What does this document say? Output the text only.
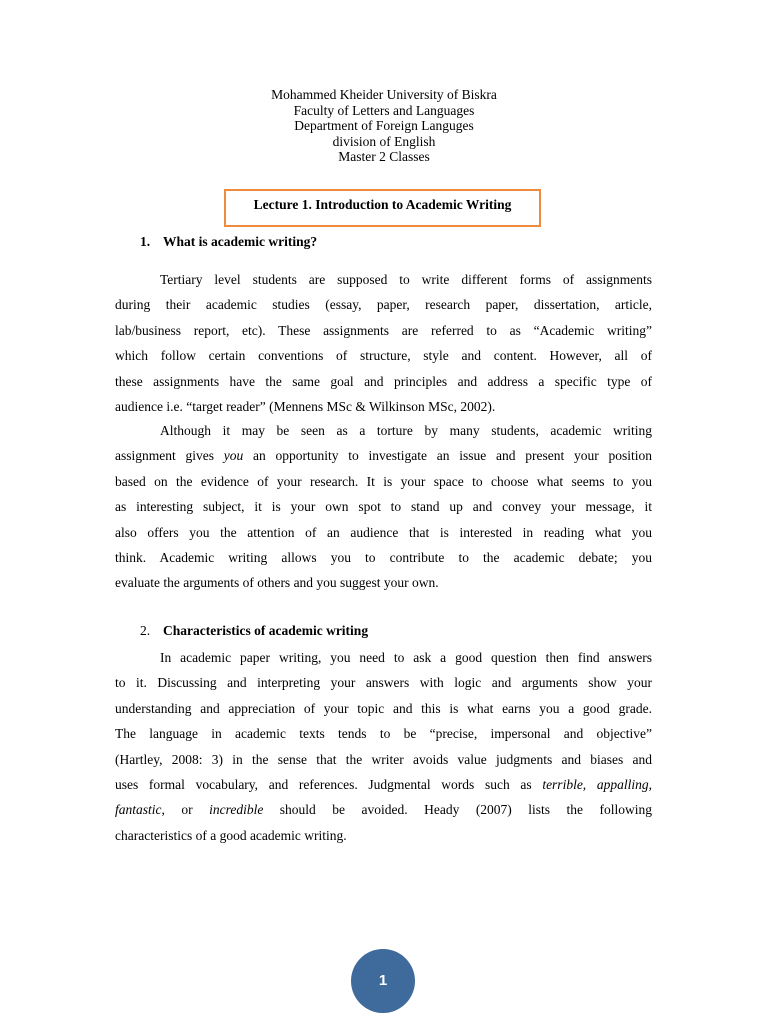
Mohammed Kheider University of Biskra
Faculty of Letters and Languages
Department of Foreign Languges
division of English
Master 2 Classes
Lecture 1. Introduction to Academic Writing
1. What is academic writing?
Tertiary level students are supposed to write different forms of assignments
during their academic studies (essay, paper, research paper, dissertation, article,
lab/business report, etc). These assignments are referred to as “Academic writing”
which follow certain conventions of structure, style and content. However, all of
these assignments have the same goal and principles and address a specific type of
audience i.e. “target reader” (Mennens MSc & Wilkinson MSc, 2002).
Although it may be seen as a torture by many students, academic writing
assignment gives you an opportunity to investigate an issue and present your position
based on the evidence of your research. It is your space to choose what seems to you
as interesting subject, it is your own spot to stand up and convey your message, it
also offers you the attention of an audience that is interested in reading what you
think. Academic writing allows you to contribute to the academic debate; you
evaluate the arguments of others and you suggest your own.
2. Characteristics of academic writing
In academic paper writing, you need to ask a good question then find answers
to it. Discussing and interpreting your answers with logic and arguments show your
understanding and appreciation of your topic and this is what earns you a good grade.
The language in academic texts tends to be “precise, impersonal and objective”
(Hartley, 2008: 3) in the sense that the writer avoids value judgments and biases and
uses formal vocabulary, and references. Judgmental words such as terrible, appalling,
fantastic, or incredible should be avoided. Heady (2007) lists the following
characteristics of a good academic writing.
1
